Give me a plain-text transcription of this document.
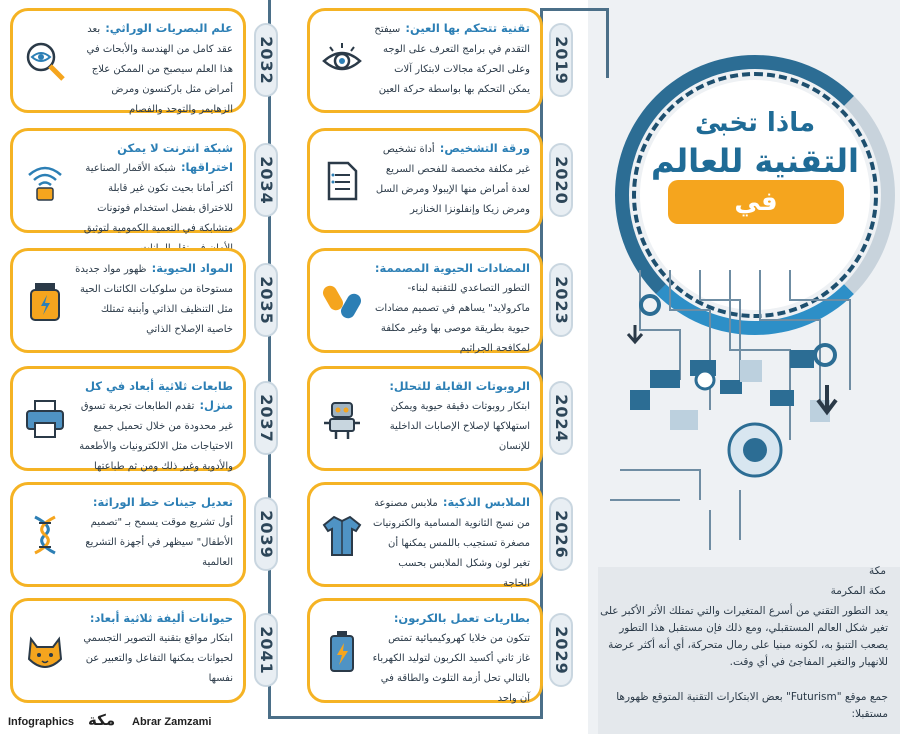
ماذا تخبئ
التقنية للعالم
في المستقبل؟
مكة
مكة المكرمة
يعد التطور التقني من أسرع المتغيرات والتي تمتلك الأثر الأكبر على تغير شكل العالم المستقبلي، ومع ذلك فإن مستقبل هذا التطور يصعب التنبؤ به، لكونه مبنيا على رمال متحركة، أي أنه أكثر عرضة للانهيار والتغير المفاجئ في أي وقت.
جمع موقع "Futurism" بعض الابتكارات التقنية المتوقع ظهورها مستقبلا:
Infographics مكة Abrar Zamzami
تقنية تتحكم بها العين: سيفتح التقدم في برامج التعرف على الوجه وعلى الحركة مجالات لابتكار آلات يمكن التحكم بها بواسطة حركة العين
2019
ورقة التشخيص: أداة تشخيص غير مكلفة مخصصة للفحص السريع لعدة أمراض منها الإيبولا ومرض السل ومرض زيكا وإنفلونزا الخنازير
2020
المضادات الحيوية المصممة: التطور التصاعدي للتقنية لبناء- ماكرولايد" يساهم في تصميم مضادات حيوية بطريقة موصى بها وغير مكلفة لمكافحة الجراثيم
2023
الروبوتات القابلة للتحلل: ابتكار روبوتات دقيقة حيوية ويمكن استهلاكها لإصلاح الإصابات الداخلية للإنسان
2024
الملابس الذكية: ملابس مصنوعة من نسج الثانوية المسامية والكترونيات مصغرة تستجيب باللمس يمكنها أن تغير لون وشكل الملابس بحسب الحاجة
2026
بطاريات تعمل بالكربون: تتكون من خلايا كهروكيميائية تمتص غاز ثاني أكسيد الكربون لتوليد الكهرباء بالتالي تحل أزمة التلوث والطاقة في آن واحد
2029
علم البصريات الوراثي: بعد عقد كامل من الهندسة والأبحاث في هذا العلم سيصبح من الممكن علاج أمراض مثل باركنسون ومرض الزهايمر والتوحد والفصام
2032
شبكة انترنت لا يمكن اختراقها: شبكة الأقمار الصناعية أكثر أمانا بحيث تكون غير قابلة للاختراق بفضل استخدام فوتونات متشابكة في التعمية الكمومية لتوثيق
2034
المواد الحيوية: ظهور مواد جديدة مستوحاة من سلوكيات الكائنات الحية مثل التنظيف الذاتي وأبنية تمتلك خاصية الإصلاح الذاتي
2035
طابعات ثلاثية أبعاد في كل منزل: تقدم الطابعات تجربة تسوق غير محدودة من خلال تحميل جميع الاحتياجات مثل الالكترونيات والأطعمة والأدوية وغير ذلك ومن ثم طباعتها
2037
تعديل جينات خط الوراثة: أول تشريع موقت يسمح بـ "تصميم الأطفال" سيظهر في أجهزة التشريع العالمية
2039
حيوانات أليفة ثلاثية أبعاد: ابتكار مواقع بتقنية التصوير التجسمي لحيوانات يمكنها التفاعل والتعبير عن نفسها
2041
